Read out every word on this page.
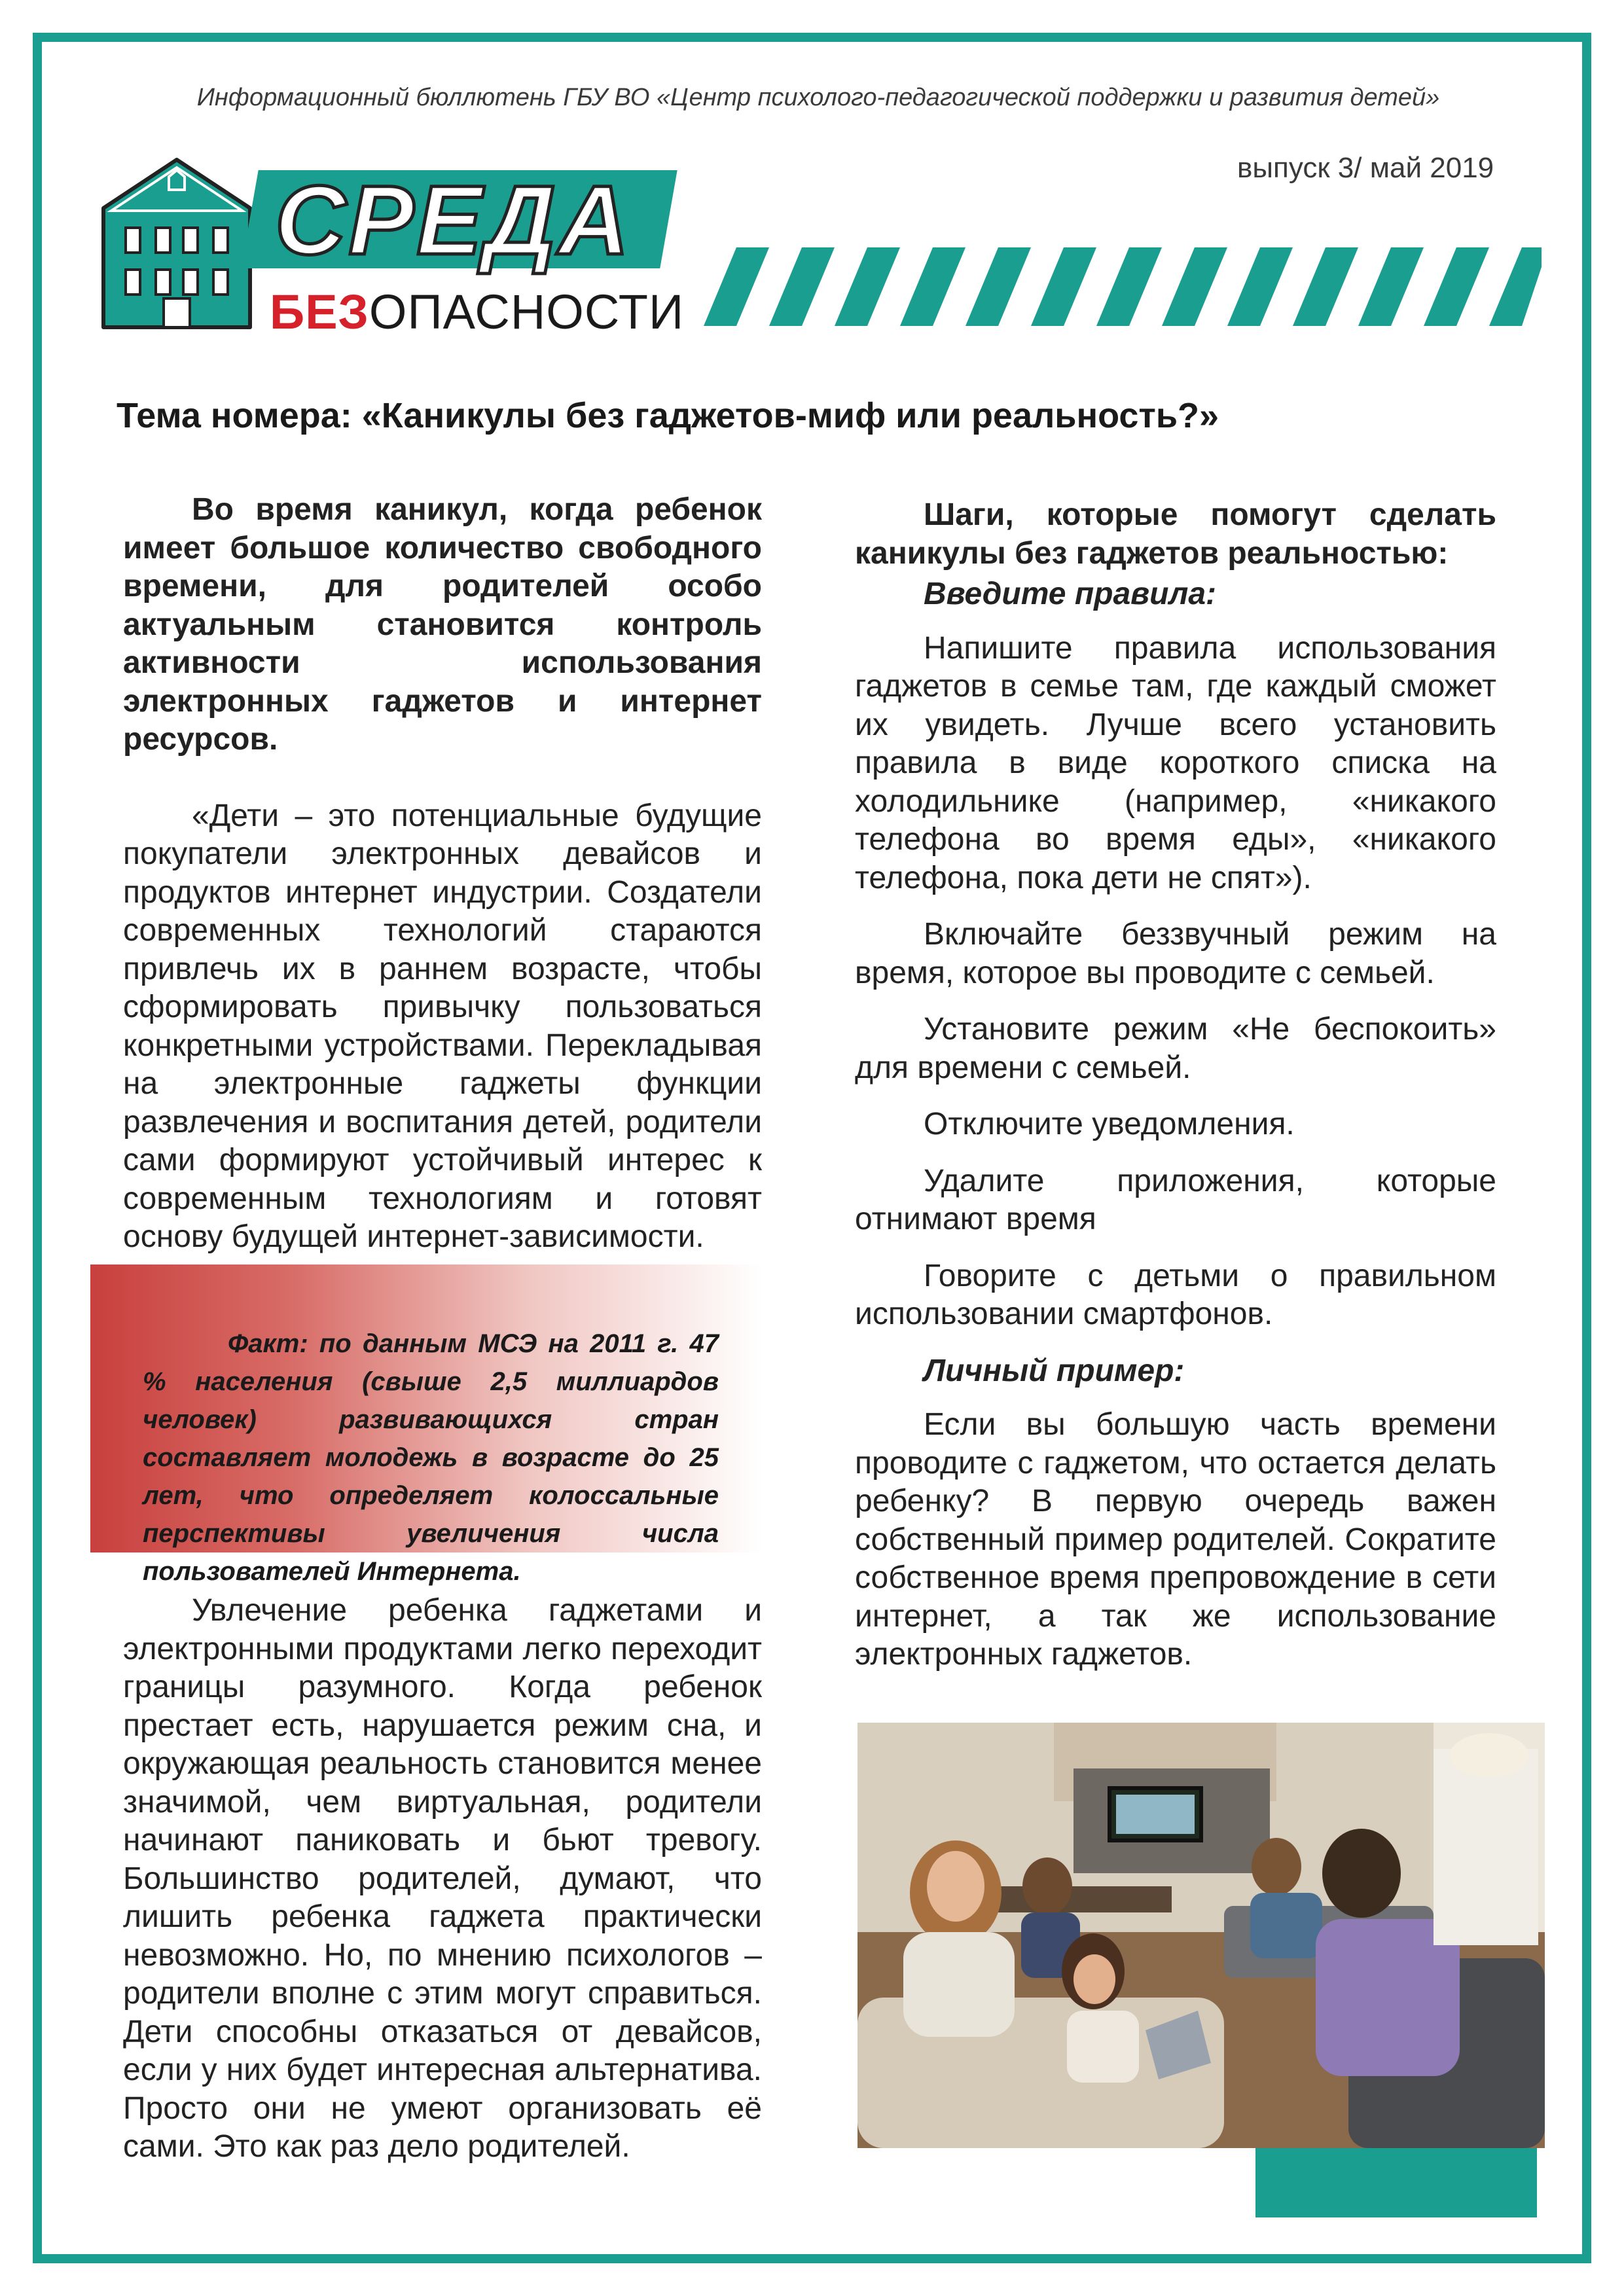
Информационный бюллютень ГБУ ВО «Центр психолого-педагогической поддержки и развития детей»
выпуск 3/ май 2019
СРЕДА
БЕЗОПАСНОСТИ
Тема номера: «Каникулы без гаджетов-миф или реальность?»

Во время каникул, когда ребенок имеет большое количество свободного времени, для родителей особо актуальным становится контроль активности использования электронных гаджетов и интернет ресурсов.

«Дети – это потенциальные будущие покупатели электронных девайсов и продуктов интернет индустрии. Создатели современных технологий стараются привлечь их в раннем возрасте, чтобы сформировать привычку пользоваться конкретными устройствами. Перекладывая на электронные гаджеты функции развлечения и воспитания детей, родители сами формируют устойчивый интерес к современным технологиям и готовят основу будущей интернет-зависимости.

Факт: по данным МСЭ на 2011 г. 47 % населения (свыше 2,5 миллиардов человек) развивающихся стран составляет молодежь в возрасте до 25 лет, что определяет колоссальные перспективы увеличения числа пользователей Интернета.

Увлечение ребенка гаджетами и электронными продуктами легко переходит границы разумного. Когда ребенок престает есть, нарушается режим сна, и окружающая реальность становится менее значимой, чем виртуальная, родители начинают паниковать и бьют тревогу. Большинство родителей, думают, что лишить ребенка гаджета практически невозможно. Но, по мнению психологов – родители вполне с этим могут справиться. Дети способны отказаться от девайсов, если у них будет интересная альтернатива. Просто они не умеют организовать её сами. Это как раз дело родителей.

Шаги, которые помогут сделать каникулы без гаджетов реальностью:

Введите правила:

Напишите правила использования гаджетов в семье там, где каждый сможет их увидеть. Лучше всего установить правила в виде короткого списка на холодильнике (например, «никакого телефона во время еды», «никакого телефона, пока дети не спят»).

Включайте беззвучный режим на время, которое вы проводите с семьей.

Установите режим «Не беспокоить» для времени с семьей.

Отключите уведомления.

Удалите приложения, которые отнимают время

Говорите с детьми о правильном использовании смартфонов.

Личный пример:

Если вы большую часть времени проводите с гаджетом, что остается делать ребенку? В первую очередь важен собственный пример родителей. Сократите собственное время препровождение в сети интернет, а так же использование электронных гаджетов.
